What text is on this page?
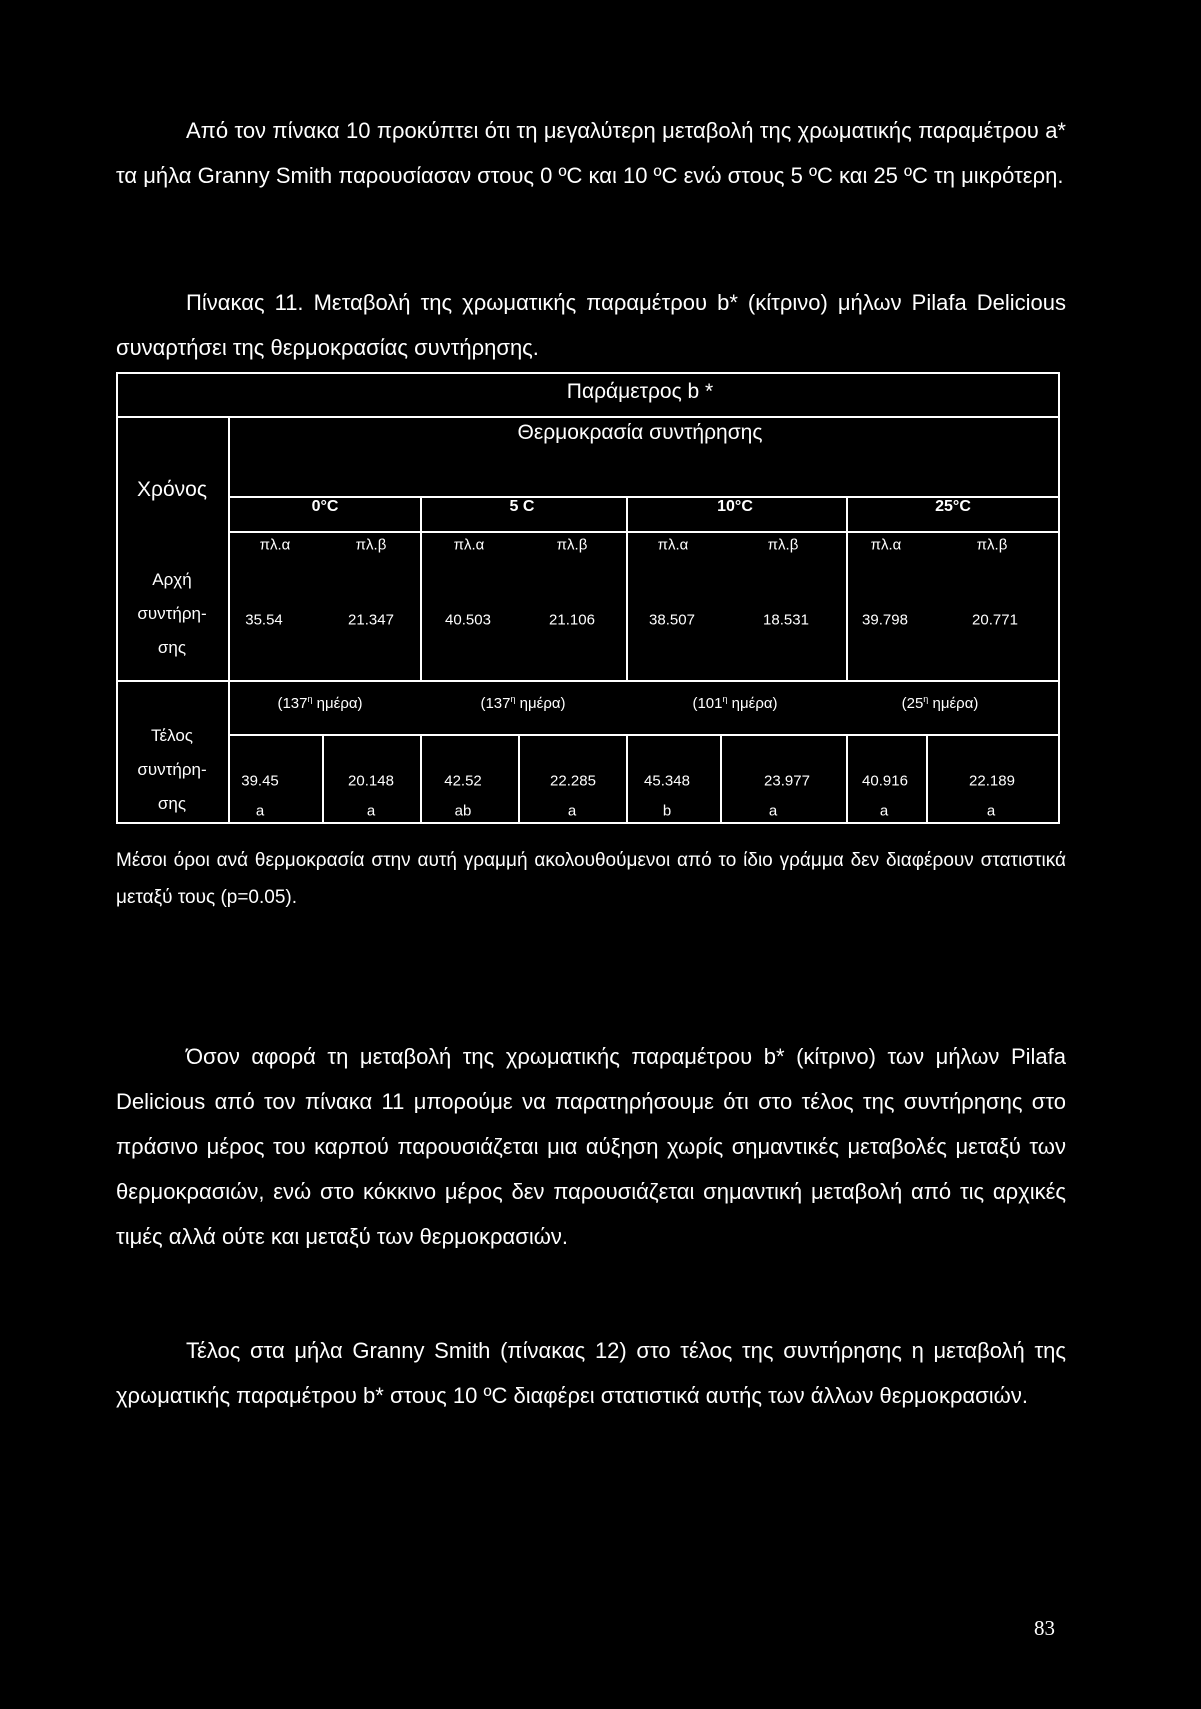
Από τον πίνακα 10 προκύπτει ότι τη μεγαλύτερη μεταβολή της χρωματικής παραμέτρου a* τα μήλα Granny Smith παρουσίασαν στους 0 ºC και 10 ºC ενώ στους 5 ºC και 25 ºC τη μικρότερη.

Πίνακας 11. Μεταβολή της χρωματικής παραμέτρου b* (κίτρινο) μήλων Pilafa Delicious συναρτήσει της θερμοκρασίας συντήρησης.

Παράμετρος b *
Θερμοκρασία συντήρησης
Χρόνος
0°C	5 C	10°C	25°C
πλ.α	πλ.β	πλ.α	πλ.β	πλ.α	πλ.β	πλ.α	πλ.β
Αρχή
συντήρη-
σης
35.54	21.347	40.503	21.106	38.507	18.531	39.798	20.771
Τέλος
συντήρη-
σης
($137^\eta$ ημέρα)	($137^\eta$ ημέρα)	($101^\eta$ ημέρα)	($25^\eta$ ημέρα)
39.45	20.148	42.52	22.285	45.348	23.977	40.916	22.189
a	a	ab	a	b	a	a	a

Μέσοι όροι ανά θερμοκρασία στην αυτή γραμμή ακολουθούμενοι από το ίδιο γράμμα δεν διαφέρουν στατιστικά μεταξύ τους (p=0.05).

Όσον αφορά τη μεταβολή της χρωματικής παραμέτρου b* (κίτρινο) των μήλων Pilafa Delicious από τον πίνακα 11 μπορούμε να παρατηρήσουμε ότι στο τέλος της συντήρησης στο πράσινο μέρος του καρπού παρουσιάζεται μια αύξηση χωρίς σημαντικές μεταβολές μεταξύ των θερμοκρασιών, ενώ στο κόκκινο μέρος δεν παρουσιάζεται σημαντική μεταβολή από τις αρχικές τιμές αλλά ούτε και μεταξύ των θερμοκρασιών.

Τέλος στα μήλα Granny Smith (πίνακας 12) στο τέλος της συντήρησης η μεταβολή της χρωματικής παραμέτρου b* στους 10 ºC διαφέρει στατιστικά αυτής των άλλων θερμοκρασιών.

83
